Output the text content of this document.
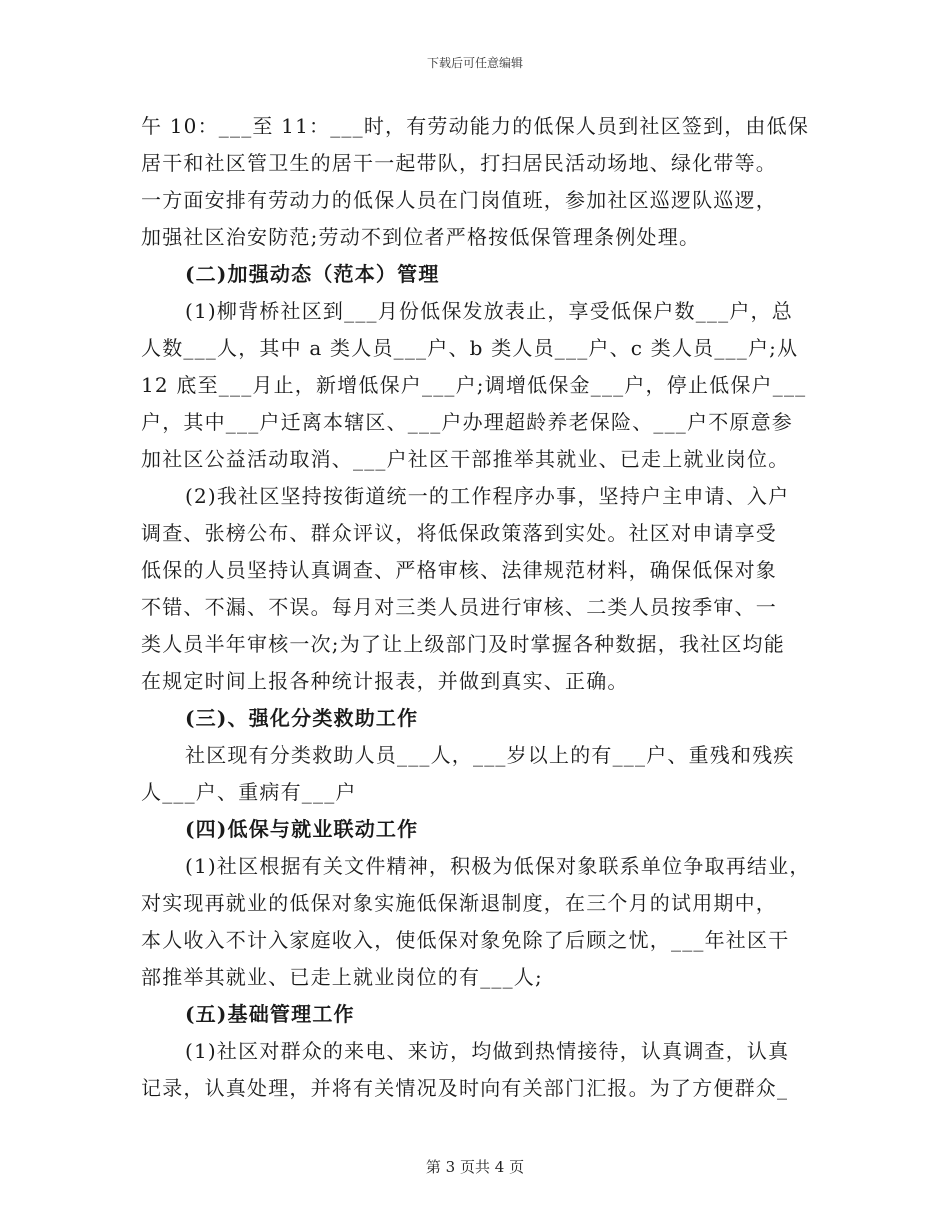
下载后可任意编辑
午 10：___至 11：___时，有劳动能力的低保人员到社区签到，由低保
居干和社区管卫生的居干一起带队，打扫居民活动场地、绿化带等。
一方面安排有劳动力的低保人员在门岗值班，参加社区巡逻队巡逻，
加强社区治安防范;劳动不到位者严格按低保管理条例处理。
(二)加强动态（范本）管理
(1)柳背桥社区到___月份低保发放表止，享受低保户数___户，总
人数___人，其中 a 类人员___户、b 类人员___户、c 类人员___户;从
12 底至___月止，新增低保户___户;调增低保金___户，停止低保户___
户，其中___户迁离本辖区、___户办理超龄养老保险、___户不原意参
加社区公益活动取消、___户社区干部推举其就业、已走上就业岗位。
(2)我社区坚持按街道统一的工作程序办事，坚持户主申请、入户
调查、张榜公布、群众评议，将低保政策落到实处。社区对申请享受
低保的人员坚持认真调查、严格审核、法律规范材料，确保低保对象
不错、不漏、不误。每月对三类人员进行审核、二类人员按季审、一
类人员半年审核一次;为了让上级部门及时掌握各种数据，我社区均能
在规定时间上报各种统计报表，并做到真实、正确。
(三)、强化分类救助工作
社区现有分类救助人员___人，___岁以上的有___户、重残和残疾
人___户、重病有___户
(四)低保与就业联动工作
(1)社区根据有关文件精神，积极为低保对象联系单位争取再结业，
对实现再就业的低保对象实施低保渐退制度，在三个月的试用期中，
本人收入不计入家庭收入，使低保对象免除了后顾之忧，___年社区干
部推举其就业、已走上就业岗位的有___人;
(五)基础管理工作
(1)社区对群众的来电、来访，均做到热情接待，认真调查，认真
记录，认真处理，并将有关情况及时向有关部门汇报。为了方便群众_
第 3 页共 4 页
